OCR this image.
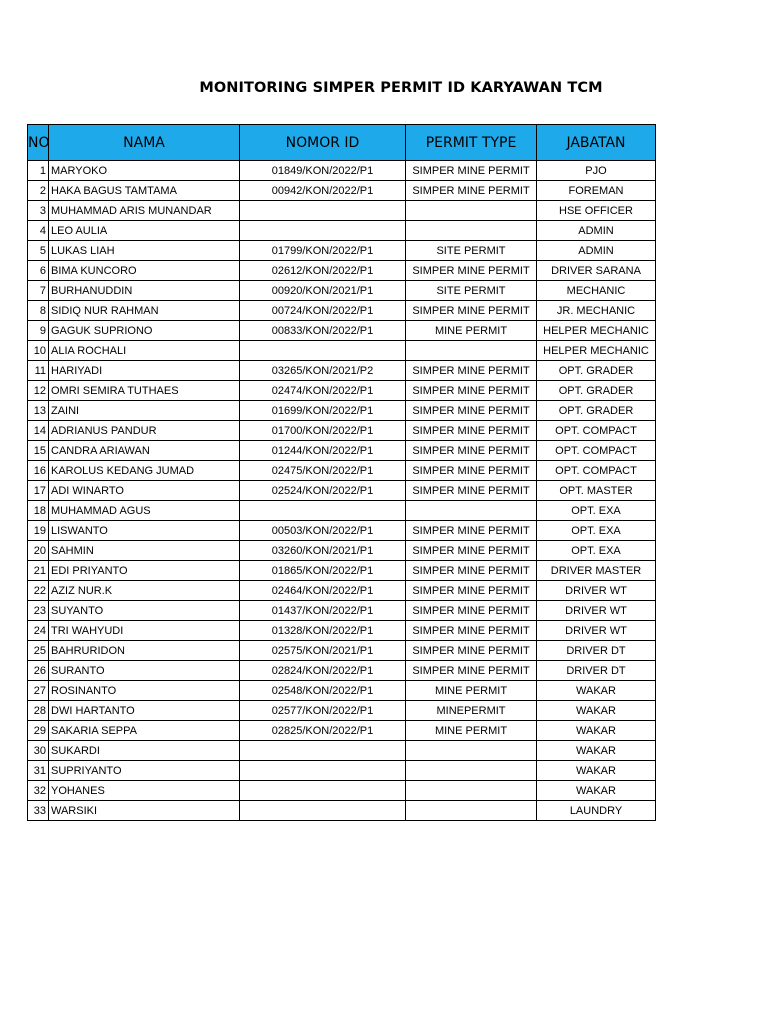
MONITORING SIMPER PERMIT ID KARYAWAN TCM
NO	NAMA	NOMOR ID	PERMIT TYPE	JABATAN
1	MARYOKO	01849/KON/2022/P1	SIMPER MINE PERMIT	PJO
2	HAKA BAGUS TAMTAMA	00942/KON/2022/P1	SIMPER MINE PERMIT	FOREMAN
3	MUHAMMAD ARIS MUNANDAR			HSE OFFICER
4	LEO AULIA			ADMIN
5	LUKAS LIAH	01799/KON/2022/P1	SITE PERMIT	ADMIN
6	BIMA KUNCORO	02612/KON/2022/P1	SIMPER MINE PERMIT	DRIVER SARANA
7	BURHANUDDIN	00920/KON/2021/P1	SITE PERMIT	MECHANIC
8	SIDIQ NUR RAHMAN	00724/KON/2022/P1	SIMPER MINE PERMIT	JR. MECHANIC
9	GAGUK SUPRIONO	00833/KON/2022/P1	MINE PERMIT	HELPER MECHANIC
10	ALIA ROCHALI			HELPER MECHANIC
11	HARIYADI	03265/KON/2021/P2	SIMPER MINE PERMIT	OPT. GRADER
12	OMRI SEMIRA TUTHAES	02474/KON/2022/P1	SIMPER MINE PERMIT	OPT. GRADER
13	ZAINI	01699/KON/2022/P1	SIMPER MINE PERMIT	OPT. GRADER
14	ADRIANUS PANDUR	01700/KON/2022/P1	SIMPER MINE PERMIT	OPT. COMPACT
15	CANDRA ARIAWAN	01244/KON/2022/P1	SIMPER MINE PERMIT	OPT. COMPACT
16	KAROLUS KEDANG JUMAD	02475/KON/2022/P1	SIMPER MINE PERMIT	OPT. COMPACT
17	ADI WINARTO	02524/KON/2022/P1	SIMPER MINE PERMIT	OPT. MASTER
18	MUHAMMAD AGUS			OPT. EXA
19	LISWANTO	00503/KON/2022/P1	SIMPER MINE PERMIT	OPT. EXA
20	SAHMIN	03260/KON/2021/P1	SIMPER MINE PERMIT	OPT. EXA
21	EDI PRIYANTO	01865/KON/2022/P1	SIMPER MINE PERMIT	DRIVER MASTER
22	AZIZ NUR.K	02464/KON/2022/P1	SIMPER MINE PERMIT	DRIVER WT
23	SUYANTO	01437/KON/2022/P1	SIMPER MINE PERMIT	DRIVER WT
24	TRI WAHYUDI	01328/KON/2022/P1	SIMPER MINE PERMIT	DRIVER WT
25	BAHRURIDON	02575/KON/2021/P1	SIMPER MINE PERMIT	DRIVER DT
26	SURANTO	02824/KON/2022/P1	SIMPER MINE PERMIT	DRIVER DT
27	ROSINANTO	02548/KON/2022/P1	MINE PERMIT	WAKAR
28	DWI HARTANTO	02577/KON/2022/P1	MINEPERMIT	WAKAR
29	SAKARIA SEPPA	02825/KON/2022/P1	MINE PERMIT	WAKAR
30	SUKARDI			WAKAR
31	SUPRIYANTO			WAKAR
32	YOHANES			WAKAR
33	WARSIKI			LAUNDRY
